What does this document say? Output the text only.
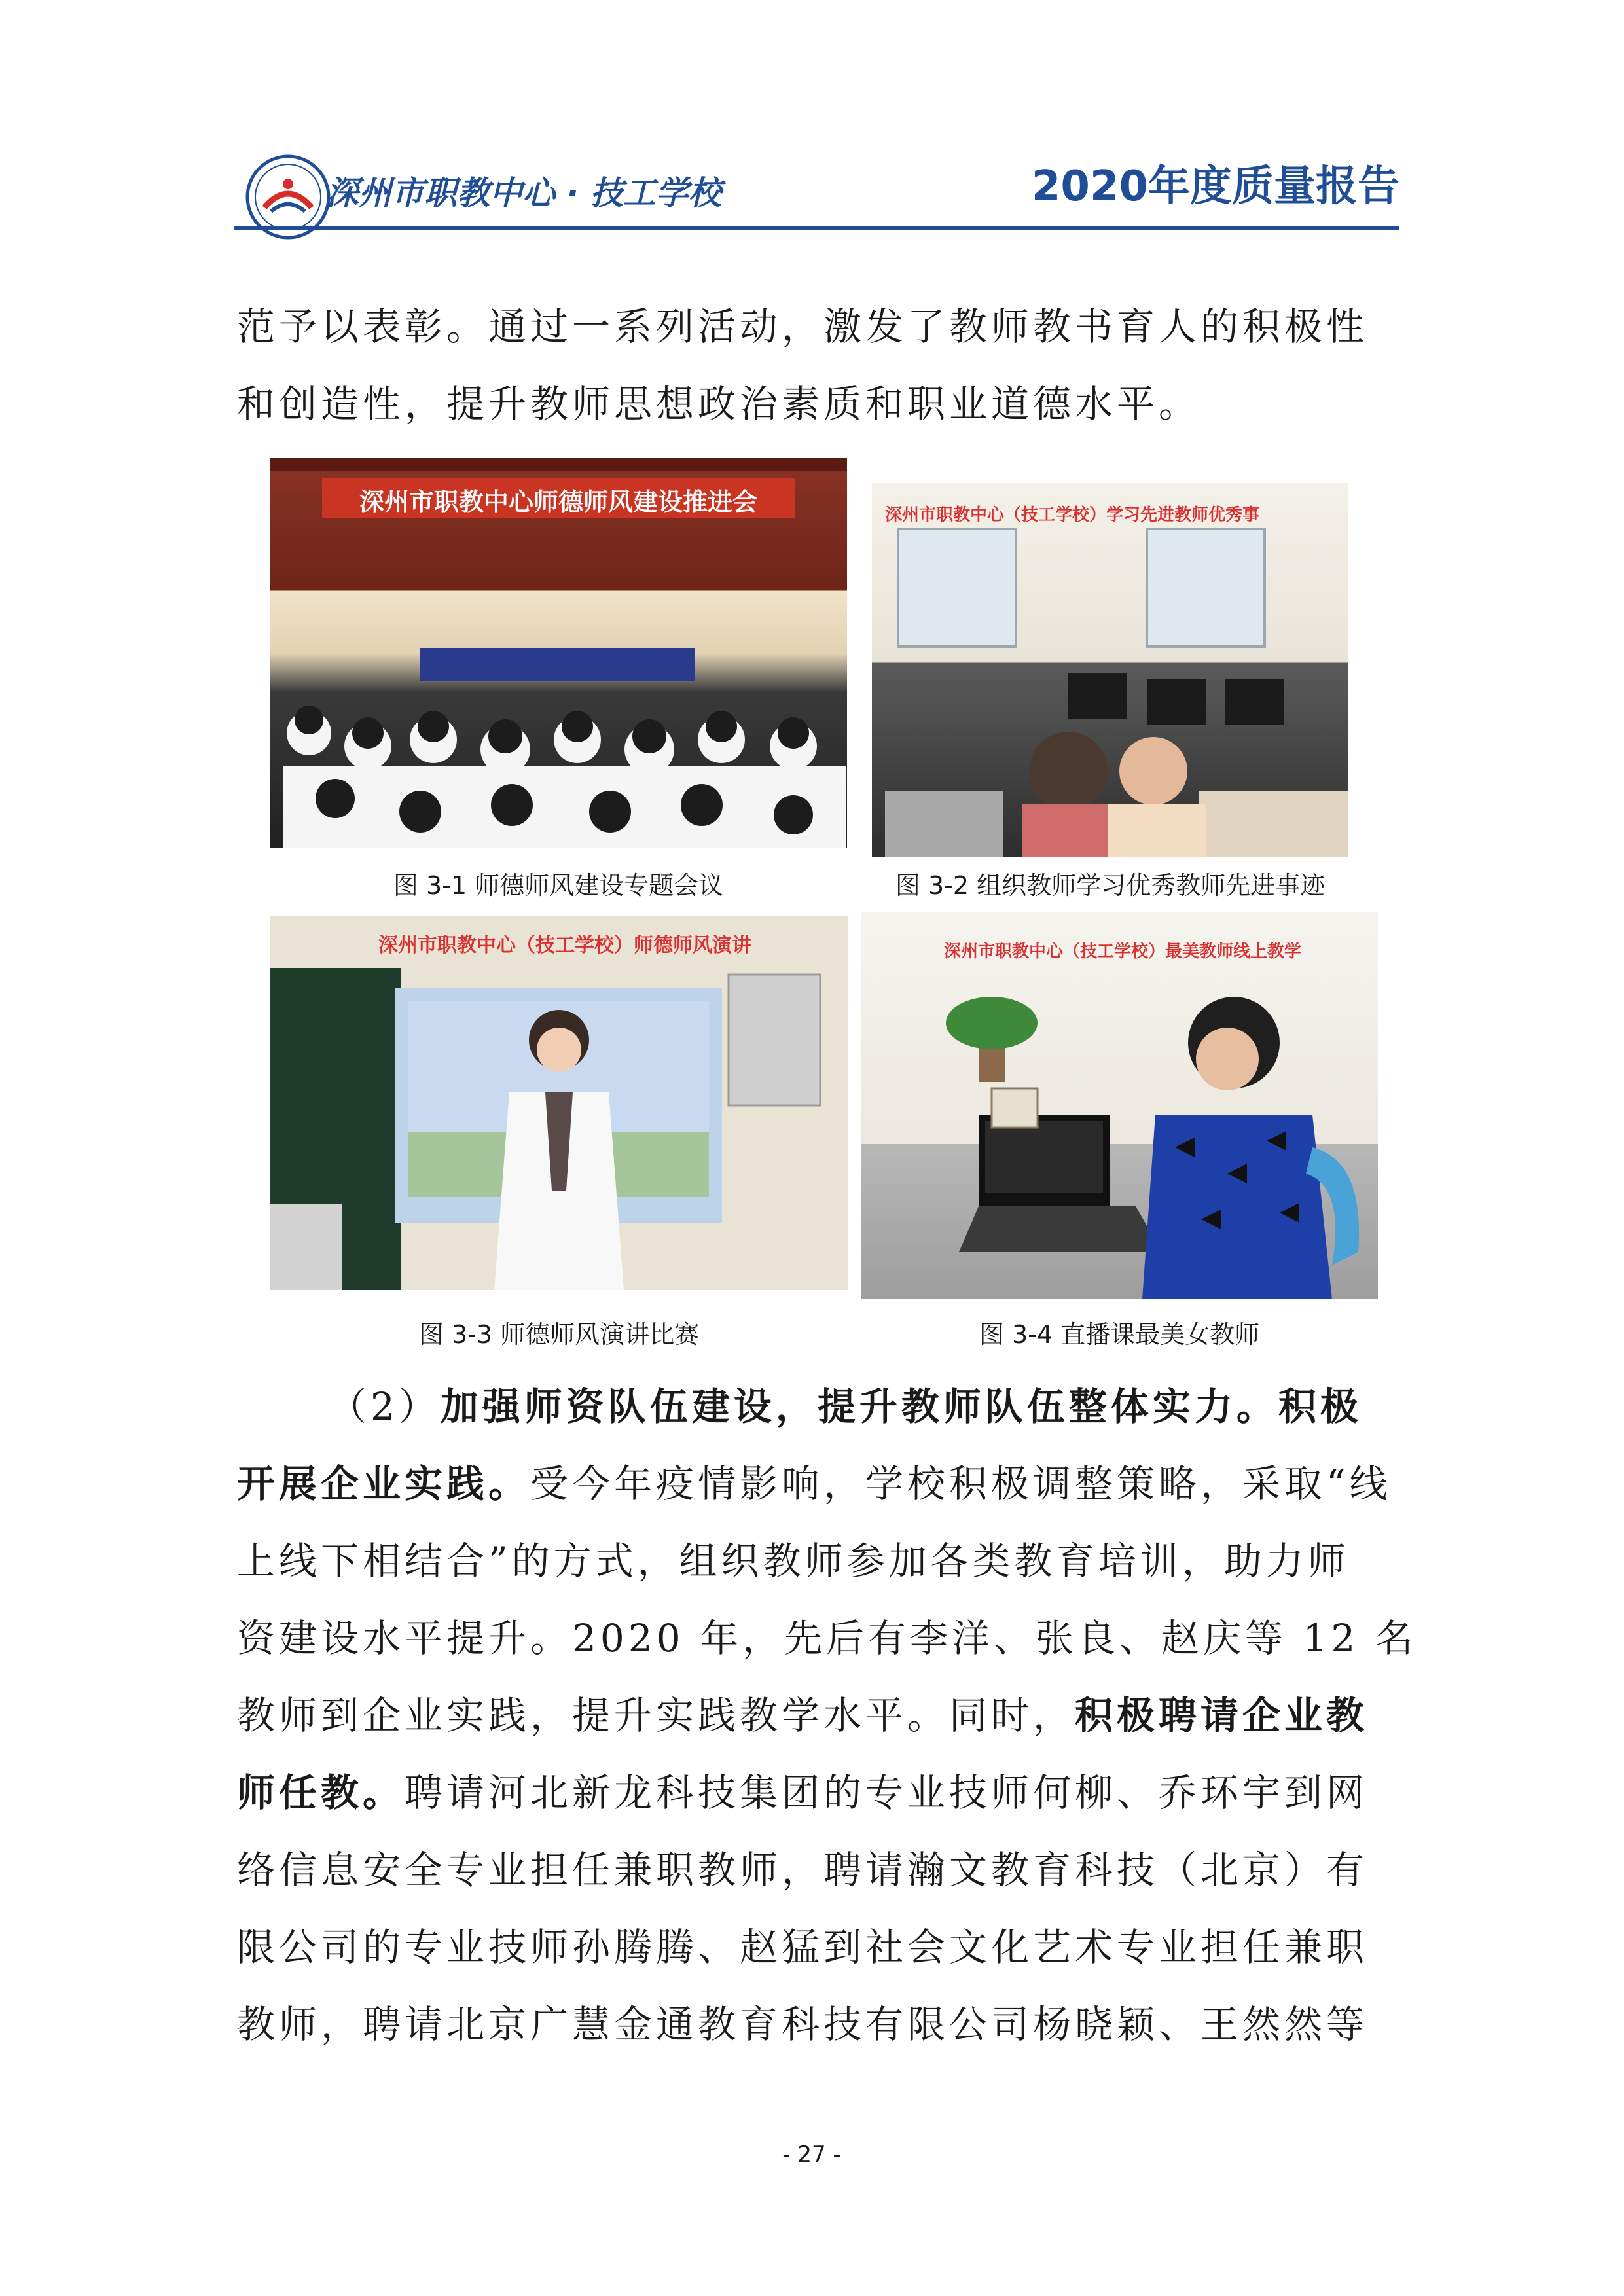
深州市职教中心 · 技工学校	2020年度质量报告

范予以表彰。通过一系列活动，激发了教师教书育人的积极性

和创造性，提升教师思想政治素质和职业道德水平。

深州市职教中心师德师风建设推进会
图 3-1 师德师风建设专题会议
深州市职教中心（技工学校）学习先进教师优秀事
图 3-2 组织教师学习优秀教师先进事迹
深州市职教中心（技工学校）师德师风演讲
图 3-3 师德师风演讲比赛
深州市职教中心（技工学校）最美教师线上教学
图 3-4 直播课最美女教师

（2）加强师资队伍建设，提升教师队伍整体实力。积极

开展企业实践。受今年疫情影响，学校积极调整策略，采取“线

上线下相结合”的方式，组织教师参加各类教育培训，助力师

资建设水平提升。2020 年，先后有李洋、张良、赵庆等 12 名

教师到企业实践，提升实践教学水平。同时，积极聘请企业教

师任教。聘请河北新龙科技集团的专业技师何柳、乔环宇到网

络信息安全专业担任兼职教师，聘请瀚文教育科技（北京）有

限公司的专业技师孙腾腾、赵猛到社会文化艺术专业担任兼职

教师，聘请北京广慧金通教育科技有限公司杨晓颖、王然然等

- 27 -
